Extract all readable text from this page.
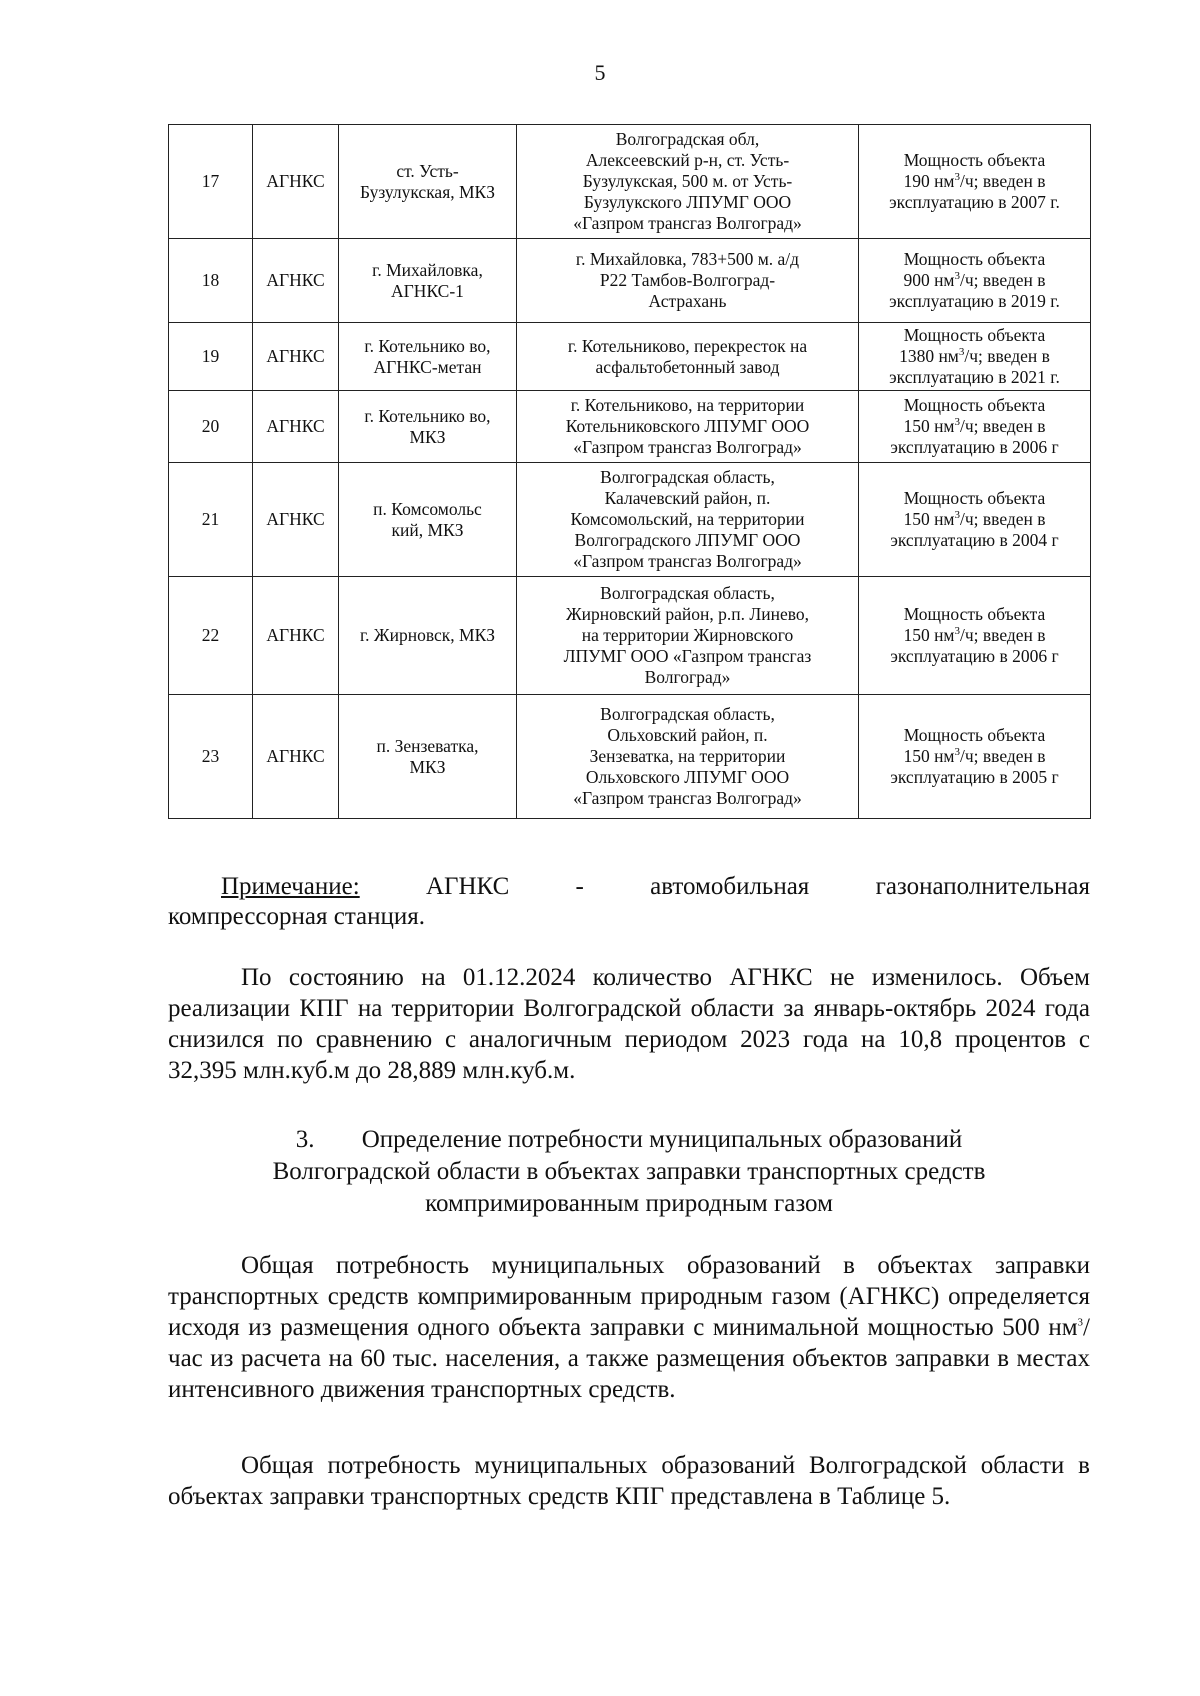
5
17	АГНКС	ст. Усть-
Бузулукская, МКЗ	Волгоградская обл,
Алексеевский р-н, ст. Усть-
Бузулукская, 500 м. от Усть-
Бузулукского ЛПУМГ ООО
«Газпром трансгаз Волгоград»	Мощность объекта
190 $нм^3/ч$; введен в
эксплуатацию в 2007 г.
18	АГНКС	г. Михайловка,
АГНКС-1	г. Михайловка, 783+500 м. а/д
Р22 Тамбов-Волгоград-
Астрахань	Мощность объекта
900 $нм^3/ч$; введен в
эксплуатацию в 2019 г.
19	АГНКС	г. Котельнико во,
АГНКС-метан	г. Котельниково, перекресток на
асфальтобетонный завод	Мощность объекта
1380 $нм^3/ч$; введен в
эксплуатацию в 2021 г.
20	АГНКС	г. Котельнико во,
МКЗ	г. Котельниково, на территории
Котельниковского ЛПУМГ ООО
«Газпром трансгаз Волгоград»	Мощность объекта
150 $нм^3/ч$; введен в
эксплуатацию в 2006 г
21	АГНКС	п. Комсомольс
кий, МКЗ	Волгоградская область,
Калачевский район, п.
Комсомольский, на территории
Волгоградского ЛПУМГ ООО
«Газпром трансгаз Волгоград»	Мощность объекта
150 $нм^3/ч$; введен в
эксплуатацию в 2004 г
22	АГНКС	г. Жирновск, МКЗ	Волгоградская область,
Жирновский район, р.п. Линево,
на территории Жирновского
ЛПУМГ ООО «Газпром трансгаз
Волгоград»	Мощность объекта
150 $нм^3/ч$; введен в
эксплуатацию в 2006 г
23	АГНКС	п. Зензеватка,
МКЗ	Волгоградская область,
Ольховский район, п.
Зензеватка, на территории
Ольховского ЛПУМГ ООО
«Газпром трансгаз Волгоград»	Мощность объекта
150 $нм^3/ч$; введен в
эксплуатацию в 2005 г
Примечание:	АГНКС	-	автомобильная	газонаполнительная
компрессорная станция.
По состоянию на 01.12.2024 количество АГНКС не изменилось. Объем реализации КПГ на территории Волгоградской области за январь-октябрь 2024 года снизился по сравнению с аналогичным периодом 2023 года на 10,8 процентов с 32,395 млн.куб.м до 28,889 млн.куб.м.
3. Определение потребности муниципальных образований
Волгоградской области в объектах заправки транспортных средств
компримированным природным газом
Общая потребность муниципальных образований в объектах заправки транспортных средств компримированным природным газом (АГНКС) определяется исходя из размещения одного объекта заправки с минимальной мощностью 500 $нм^3$/час из расчета на 60 тыс. населения, а также размещения объектов заправки в местах интенсивного движения транспортных средств.
Общая потребность муниципальных образований Волгоградской области в объектах заправки транспортных средств КПГ представлена в Таблице 5.
